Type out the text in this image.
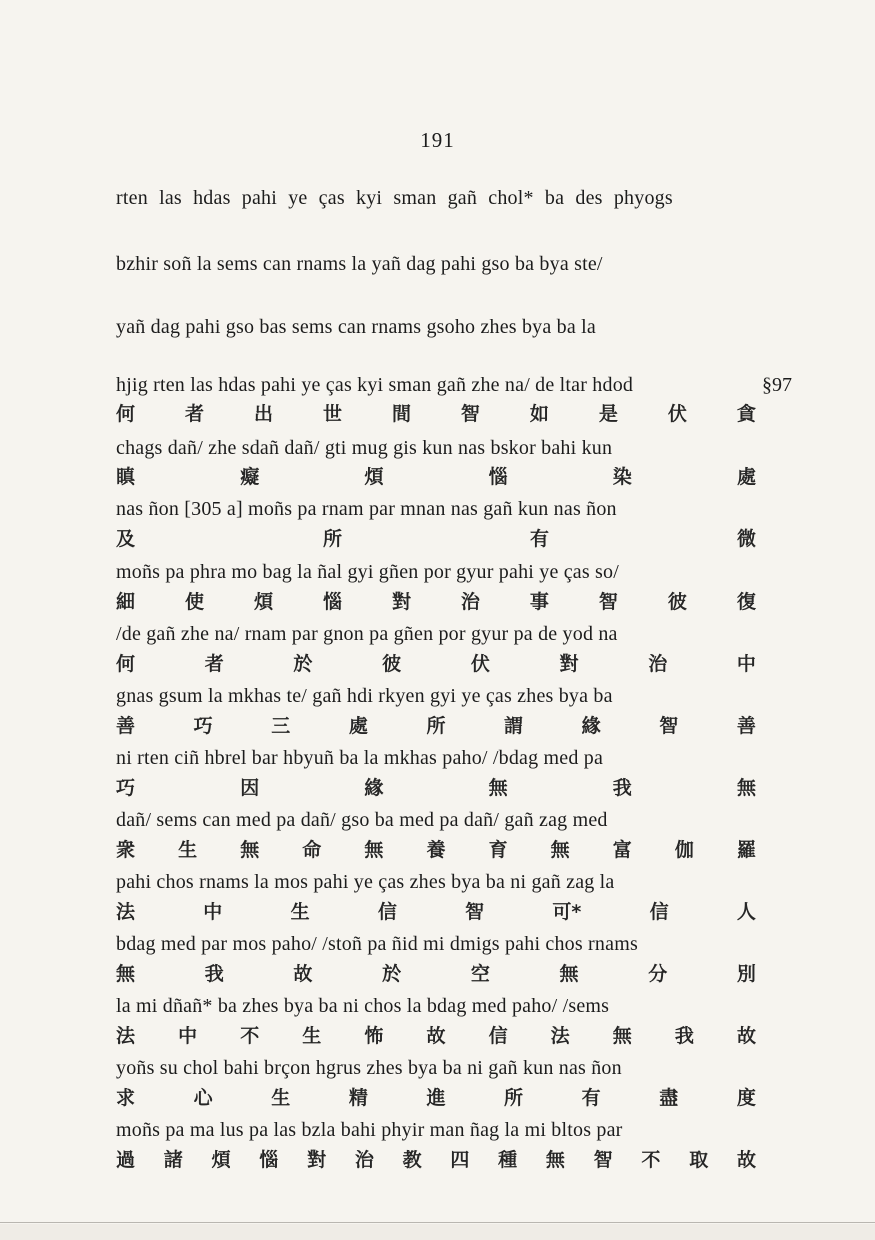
191
rten las hdas pahi ye ças kyi sman gañ chol* ba des phyogs
bzhir soñ la sems can rnams la yañ dag pahi gso ba bya ste/
yañ dag pahi gso bas sems can rnams gsoho zhes bya ba la
hjig rten las hdas pahi ye ças kyi sman gañ zhe na/ de ltar hdod
chags dañ/ zhe sdañ dañ/ gti mug gis kun nas bskor bahi kun
nas ñon [305 a] moñs pa rnam par mnan nas gañ kun nas ñon
moñs pa phra mo bag la ñal gyi gñen por gyur pahi ye ças so/
/de gañ zhe na/ rnam par gnon pa gñen por gyur pa de yod na
gnas gsum la mkhas te/ gañ hdi rkyen gyi ye ças zhes bya ba
ni rten ciñ hbrel bar hbyuñ ba la mkhas paho/ /bdag med pa
dañ/ sems can med pa dañ/ gso ba med pa dañ/ gañ zag med
pahi chos rnams la mos pahi ye ças zhes bya ba ni gañ zag la
bdag med par mos paho/ /stoñ pa ñid mi dmigs pahi chos rnams
la mi dñañ* ba zhes bya ba ni chos la bdag med paho/ /sems
yoñs su chol bahi brçon hgrus zhes bya ba ni gañ kun nas ñon
moñs pa ma lus pa las bzla bahi phyir man ñag la mi bltos par
何	者	出	世	間	智	如	是	伏	貪
瞋	癡	煩	惱	染	處
及	所	有	微
細	使	煩	惱	對	治	事	智	彼	復
何	者	於	彼	伏	對	治	中
善	巧	三	處	所	謂	緣	智	善
巧	因	緣	無	我	無
衆 生 無 命 無 養 育 無 富 伽 羅
法	中	生	信	智	可*	信	人
無	我	故	於	空	無	分	別
法 中 不 生 怖 故 信 法 無 我 故
求	心	生	精	進	所	有	盡	度
過 諸 煩 惱 對 治 教 四 種 無 智 不 取 故
§97
